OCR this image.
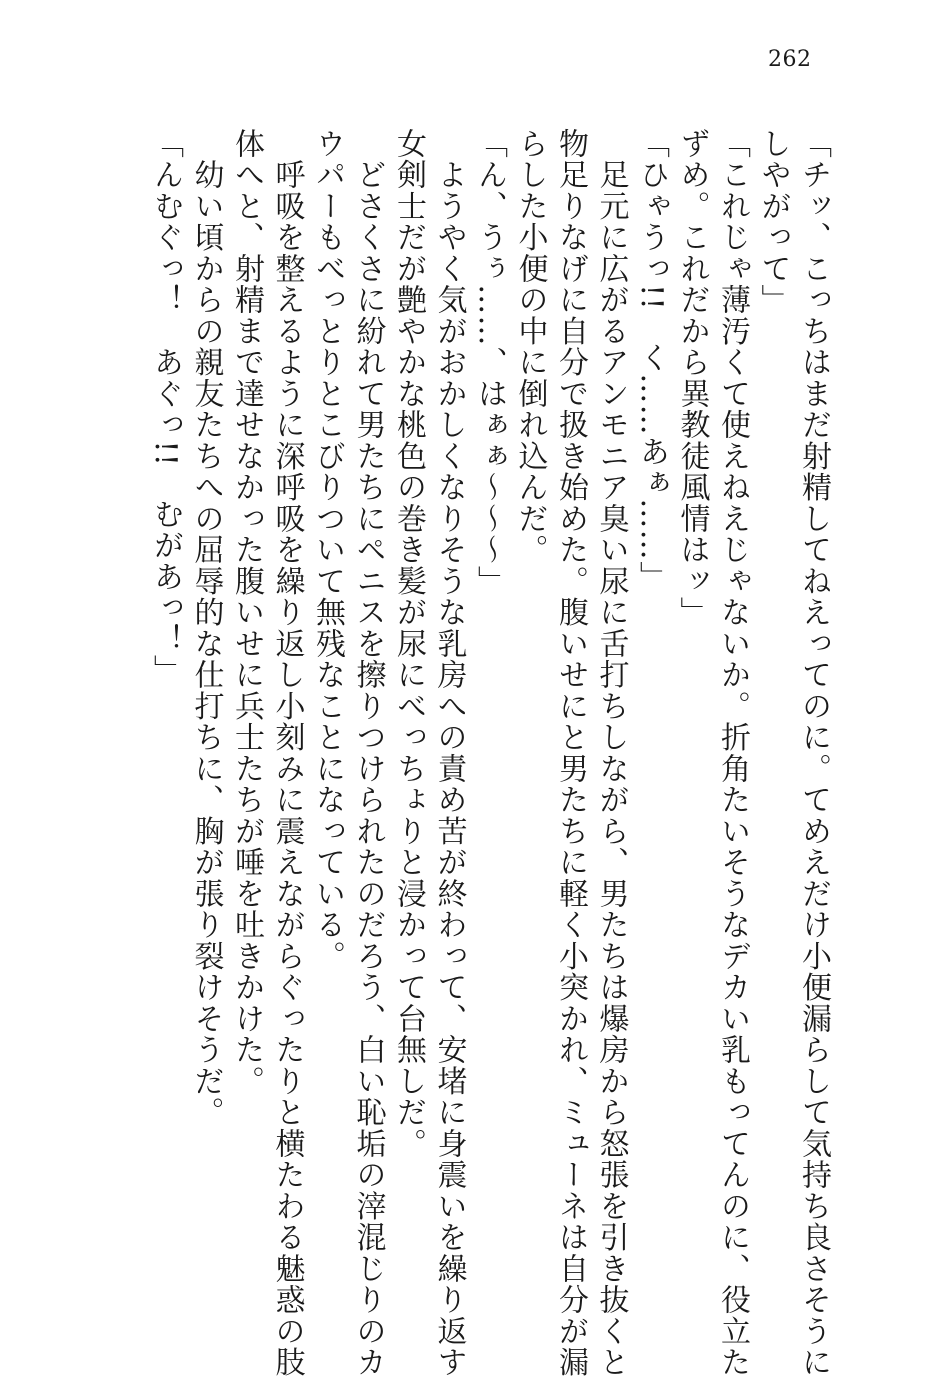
262

「チッ、こっちはまだ射精してねえってのに。てめえだけ小便漏らして気持ち良さそうに

しやがって」

「これじゃ薄汚くて使えねえじゃないか。折角たいそうなデカい乳もってんのに、役立た

ずめ。これだから異教徒風情はッ」

「ひゃうっ!!　く……あぁ……」

　足元に広がるアンモニア臭い尿に舌打ちしながら、男たちは爆房から怒張を引き抜くと

物足りなげに自分で扱き始めた。腹いせにと男たちに軽く小突かれ、ミューネは自分が漏

らした小便の中に倒れ込んだ。

「ん、うぅ……、はぁぁ～～～」

　ようやく気がおかしくなりそうな乳房への責め苦が終わって、安堵に身震いを繰り返す

女剣士だが艶やかな桃色の巻き髪が尿にべっちょりと浸かって台無しだ。

　どさくさに紛れて男たちにペニスを擦りつけられたのだろう、白い恥垢の滓混じりのカ

ウパーもべっとりとこびりついて無残なことになっている。

　呼吸を整えるように深呼吸を繰り返し小刻みに震えながらぐったりと横たわる魅惑の肢

体へと、射精まで達せなかった腹いせに兵士たちが唾を吐きかけた。

　幼い頃からの親友たちへの屈辱的な仕打ちに、胸が張り裂けそうだ。

「んむぐっ！　あぐっ!!　むがあっ！」
